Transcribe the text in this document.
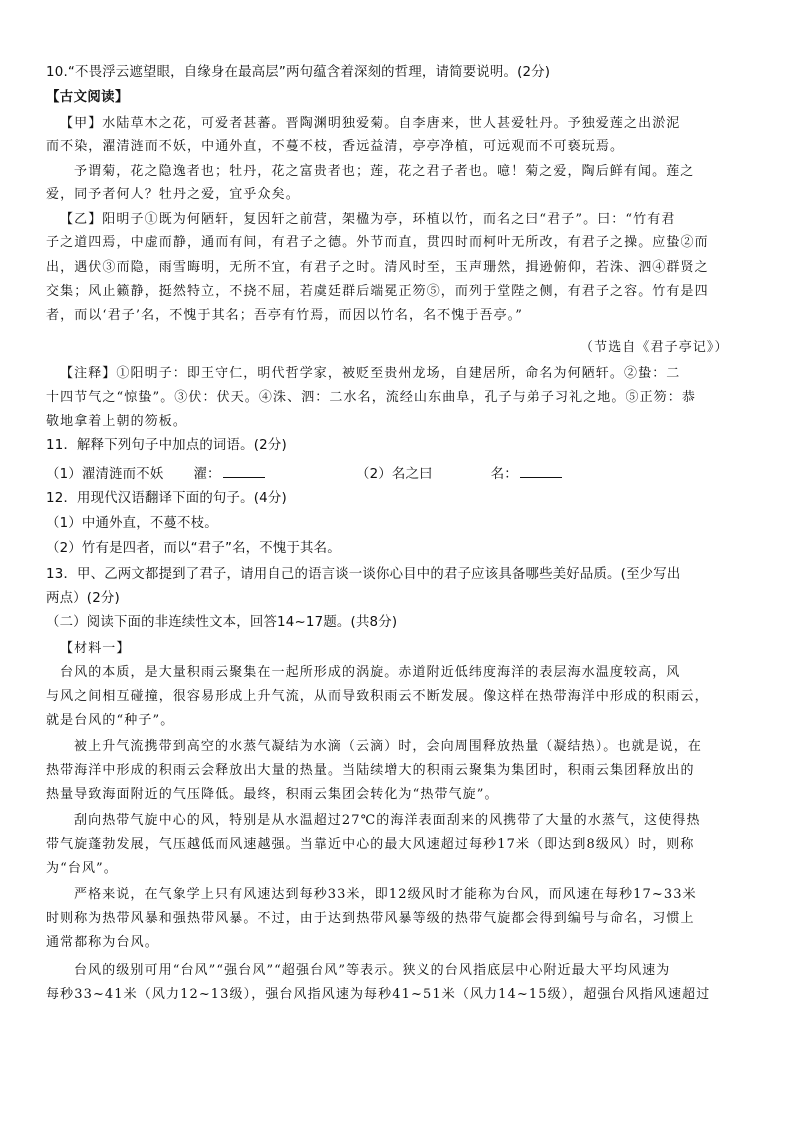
10.“不畏浮云遮望眼，自缘身在最高层”两句蕴含着深刻的哲理，请简要说明。(2分)
【古文阅读】
【甲】水陆草木之花，可爱者甚蕃。晋陶渊明独爱菊。自李唐来，世人甚爱牡丹。予独爱莲之出淤泥
而不染，濯清涟而不妖，中通外直，不蔓不枝，香远益清，亭亭净植，可远观而不可亵玩焉。
予谓菊，花之隐逸者也；牡丹，花之富贵者也；莲，花之君子者也。噫！菊之爱，陶后鲜有闻。莲之
爱，同予者何人？牡丹之爱，宜乎众矣。
【乙】阳明子①既为何陋轩，复因轩之前营，架楹为亭，环植以竹，而名之曰“君子”。曰：“竹有君
子之道四焉，中虚而静，通而有间，有君子之德。外节而直，贯四时而柯叶无所改，有君子之操。应蛰②而
出，遇伏③而隐，雨雪晦明，无所不宜，有君子之时。清风时至，玉声珊然，揖逊俯仰，若洙、泗④群贤之
交集；风止籁静，挺然特立，不挠不屈，若虞廷群后端冕正笏⑤，而列于堂陛之侧，有君子之容。竹有是四
者，而以‘君子’名，不愧于其名；吾亭有竹焉，而因以竹名，名不愧于吾亭。”
（节选自《君子亭记》）
【注释】①阳明子：即王守仁，明代哲学家，被贬至贵州龙场，自建居所，命名为何陋轩。②蛰：二
十四节气之“惊蛰”。③伏：伏天。④洙、泗：二水名，流经山东曲阜，孔子与弟子习礼之地。⑤正笏：恭
敬地拿着上朝的笏板。
11．解释下列句子中加点的词语。(2分)
（1）濯清涟而不妖 濯：	（2）名之曰	名：
12．用现代汉语翻译下面的句子。(4分)
（1）中通外直，不蔓不枝。
（2）竹有是四者，而以“君子”名，不愧于其名。
13．甲、乙两文都提到了君子，请用自己的语言谈一谈你心目中的君子应该具备哪些美好品质。(至少写出
两点）(2分)
（二）阅读下面的非连续性文本，回答14~17题。(共8分)
【材料一】
台风的本质，是大量积雨云聚集在一起所形成的涡旋。赤道附近低纬度海洋的表层海水温度较高，风
与风之间相互碰撞，很容易形成上升气流，从而导致积雨云不断发展。像这样在热带海洋中形成的积雨云，
就是台风的“种子”。
被上升气流携带到高空的水蒸气凝结为水滴（云滴）时，会向周围释放热量（凝结热）。也就是说，在
热带海洋中形成的积雨云会释放出大量的热量。当陆续增大的积雨云聚集为集团时，积雨云集团释放出的
热量导致海面附近的气压降低。最终，积雨云集团会转化为“热带气旋”。
刮向热带气旋中心的风，特别是从水温超过27℃的海洋表面刮来的风携带了大量的水蒸气，这使得热
带气旋蓬勃发展，气压越低而风速越强。当靠近中心的最大风速超过每秒17米（即达到8级风）时，则称
为“台风”。
严格来说，在气象学上只有风速达到每秒33米，即12级风时才能称为台风，而风速在每秒17~33米
时则称为热带风暴和强热带风暴。不过，由于达到热带风暴等级的热带气旋都会得到编号与命名，习惯上
通常都称为台风。
台风的级别可用“台风”“强台风”“超强台风”等表示。狭义的台风指底层中心附近最大平均风速为
每秒33~41米（风力12~13级），强台风指风速为每秒41~51米（风力14~15级），超强台风指风速超过
